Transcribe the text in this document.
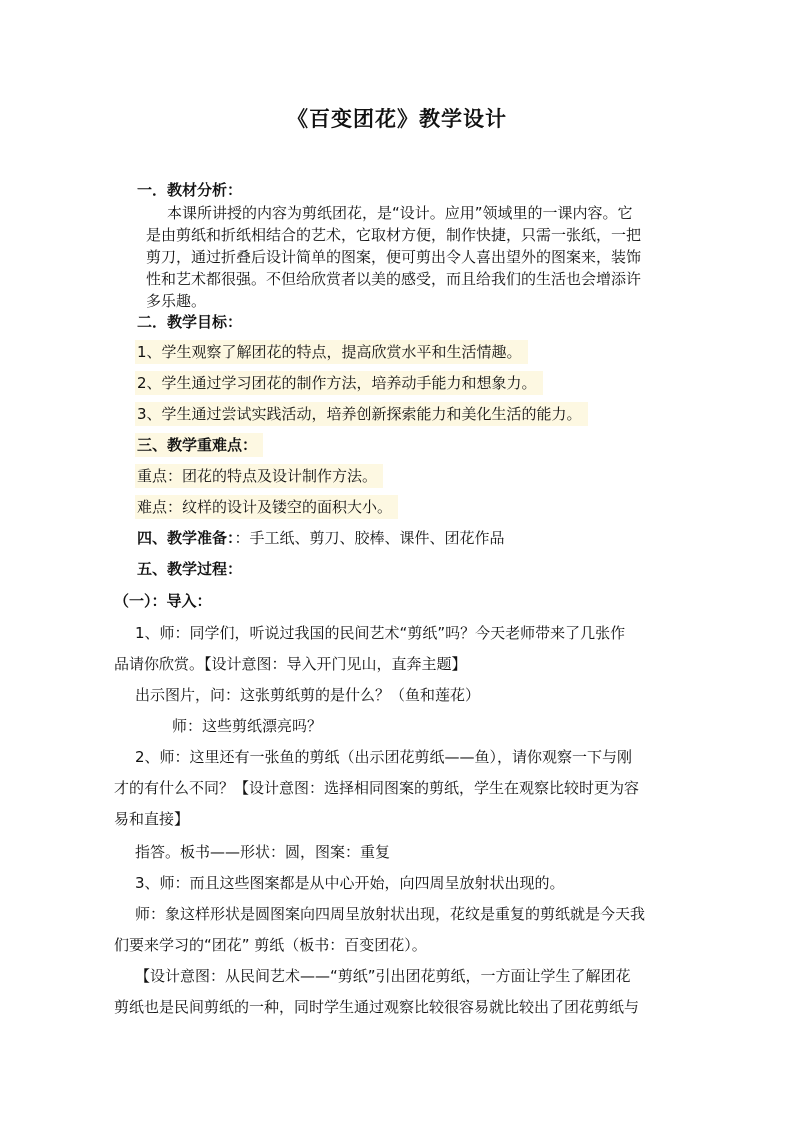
《百变团花》教学设计
一．教材分析：
本课所讲授的内容为剪纸团花，是“设计。应用”领域里的一课内容。它
是由剪纸和折纸相结合的艺术，它取材方便，制作快捷，只需一张纸，一把
剪刀，通过折叠后设计简单的图案，便可剪出令人喜出望外的图案来，装饰
性和艺术都很强。不但给欣赏者以美的感受，而且给我们的生活也会增添许
多乐趣。
二．教学目标：
1、学生观察了解团花的特点，提高欣赏水平和生活情趣。
2、学生通过学习团花的制作方法，培养动手能力和想象力。
3、学生通过尝试实践活动，培养创新探索能力和美化生活的能力。
三、教学重难点：
重点：团花的特点及设计制作方法。
难点：纹样的设计及镂空的面积大小。
四、教学准备：：手工纸、剪刀、胶棒、课件、团花作品
五、教学过程：
（一）：导入：
1、师：同学们，听说过我国的民间艺术“剪纸”吗？今天老师带来了几张作
品请你欣赏。【设计意图：导入开门见山，直奔主题】
出示图片，问：这张剪纸剪的是什么？（鱼和莲花）
师：这些剪纸漂亮吗？
2、师：这里还有一张鱼的剪纸（出示团花剪纸——鱼），请你观察一下与刚
才的有什么不同？【设计意图：选择相同图案的剪纸，学生在观察比较时更为容
易和直接】
指答。板书——形状：圆，图案：重复
3、师：而且这些图案都是从中心开始，向四周呈放射状出现的。
师：象这样形状是圆图案向四周呈放射状出现，花纹是重复的剪纸就是今天我
们要来学习的“团花” 剪纸（板书：百变团花）。
【设计意图：从民间艺术——“剪纸”引出团花剪纸，一方面让学生了解团花
剪纸也是民间剪纸的一种，同时学生通过观察比较很容易就比较出了团花剪纸与
